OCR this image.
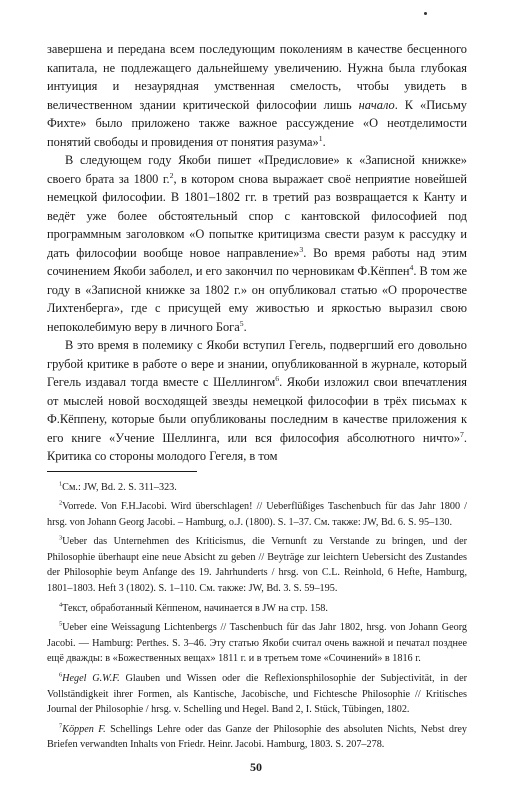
завершена и передана всем последующим поколениям в качестве бесценного капитала, не подлежащего дальнейшему увеличению. Нужна была глубокая интуиция и незаурядная умственная смелость, чтобы увидеть в величественном здании критической философии лишь начало. К «Письму Фихте» было приложено также важное рассуждение «О неотделимости понятий свободы и провидения от понятия разума»$^1$.

В следующем году Якоби пишет «Предисловие» к «Записной книжке» своего брата за 1800 г.$^2$, в котором снова выражает своё неприятие новейшей немецкой философии. В 1801–1802 гг. в третий раз возвращается к Канту и ведёт уже более обстоятельный спор с кантовской философией под программным заголовком «О попытке критицизма свести разум к рассудку и дать философии вообще новое направление»$^3$. Во время работы над этим сочинением Якоби заболел, и его закончил по черновикам Ф.Кёппен$^4$. В том же году в «Записной книжке за 1802 г.» он опубликовал статью «О пророчестве Лихтенберга», где с присущей ему живостью и яркостью выразил свою непоколебимую веру в личного Бога$^5$.

В это время в полемику с Якоби вступил Гегель, подвергший его довольно грубой критике в работе о вере и знании, опубликованной в журнале, который Гегель издавал тогда вместе с Шеллингом$^6$. Якоби изложил свои впечатления от мыслей новой восходящей звезды немецкой философии в трёх письмах к Ф.Кёппену, которые были опубликованы последним в качестве приложения к его книге «Учение Шеллинга, или вся философия абсолютного ничто»$^7$. Критика со стороны молодого Гегеля, в том

$^1$См.: JW, Bd. 2. S. 311–323.

$^2$Vorrede. Von F.H.Jacobi. Wird überschlagen! // Ueberflüßiges Taschenbuch für das Jahr 1800 / hrsg. von Johann Georg Jacobi. – Hamburg, o.J. (1800). S. 1–37. См. также: JW, Bd. 6. S. 95–130.

$^3$Ueber das Unternehmen des Kriticismus, die Vernunft zu Verstande zu bringen, und der Philosophie überhaupt eine neue Absicht zu geben // Beyträge zur leichtern Uebersicht des Zustandes der Philosophie beym Anfange des 19. Jahrhunderts / hrsg. von C.L. Reinhold, 6 Hefte, Hamburg, 1801–1803. Heft 3 (1802). S. 1–110. См. также: JW, Bd. 3. S. 59–195.

$^4$Текст, обработанный Кёппеном, начинается в JW на стр. 158.

$^5$Ueber eine Weissagung Lichtenbergs // Taschenbuch für das Jahr 1802, hrsg. von Johann Georg Jacobi. — Hamburg: Perthes. S. 3–46. Эту статью Якоби считал очень важной и печатал позднее ещё дважды: в «Божественных вещах» 1811 г. и в третьем томе «Сочинений» в 1816 г.

$^6$Hegel G.W.F. Glauben und Wissen oder die Reflexionsphilosophie der Subjectivität, in der Vollständigkeit ihrer Formen, als Kantische, Jacobische, und Fichtesche Philosophie // Kritisches Journal der Philosophie / hrsg. v. Schelling und Hegel. Band 2, I. Stück, Tübingen, 1802.

$^7$Köppen F. Schellings Lehre oder das Ganze der Philosophie des absoluten Nichts, Nebst drey Briefen verwandten Inhalts von Friedr. Heinr. Jacobi. Hamburg, 1803. S. 207–278.

50
